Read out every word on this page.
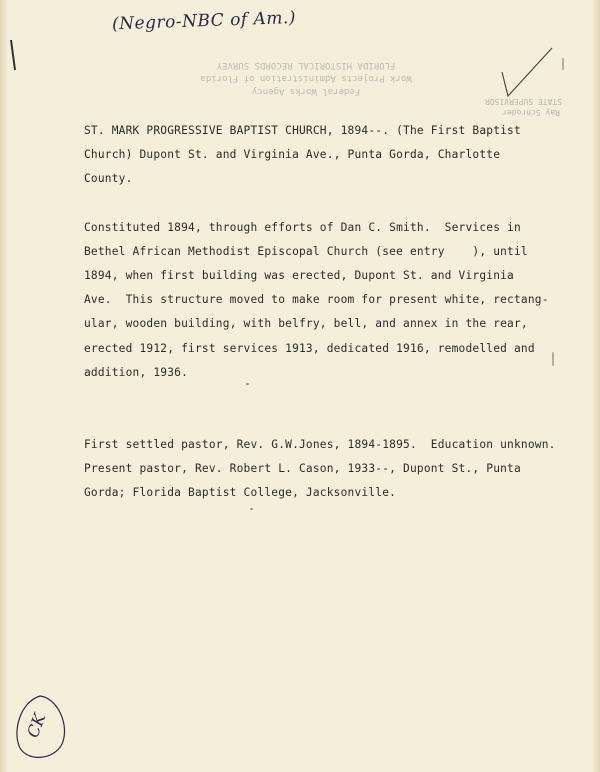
(Negro-NBC of Am.)
Federal Works Agency
Work Projects Administration of Florida
FLORIDA HISTORICAL RECORDS SURVEY
Ray Schroder
STATE SUPERVISOR

ST. MARK PROGRESSIVE BAPTIST CHURCH, 1894--. (The First Baptist

Church) Dupont St. and Virginia Ave., Punta Gorda, Charlotte

County.

Constituted 1894, through efforts of Dan C. Smith.  Services in

Bethel African Methodist Episcopal Church (see entry    ), until

1894, when first building was erected, Dupont St. and Virginia

Ave.  This structure moved to make room for present white, rectang-

ular, wooden building, with belfry, bell, and annex in the rear,

erected 1912, first services 1913, dedicated 1916, remodelled and

addition, 1936.

First settled pastor, Rev. G.W.Jones, 1894-1895.  Education unknown.

Present pastor, Rev. Robert L. Cason, 1933--, Dupont St., Punta

Gorda; Florida Baptist College, Jacksonville.

CK
